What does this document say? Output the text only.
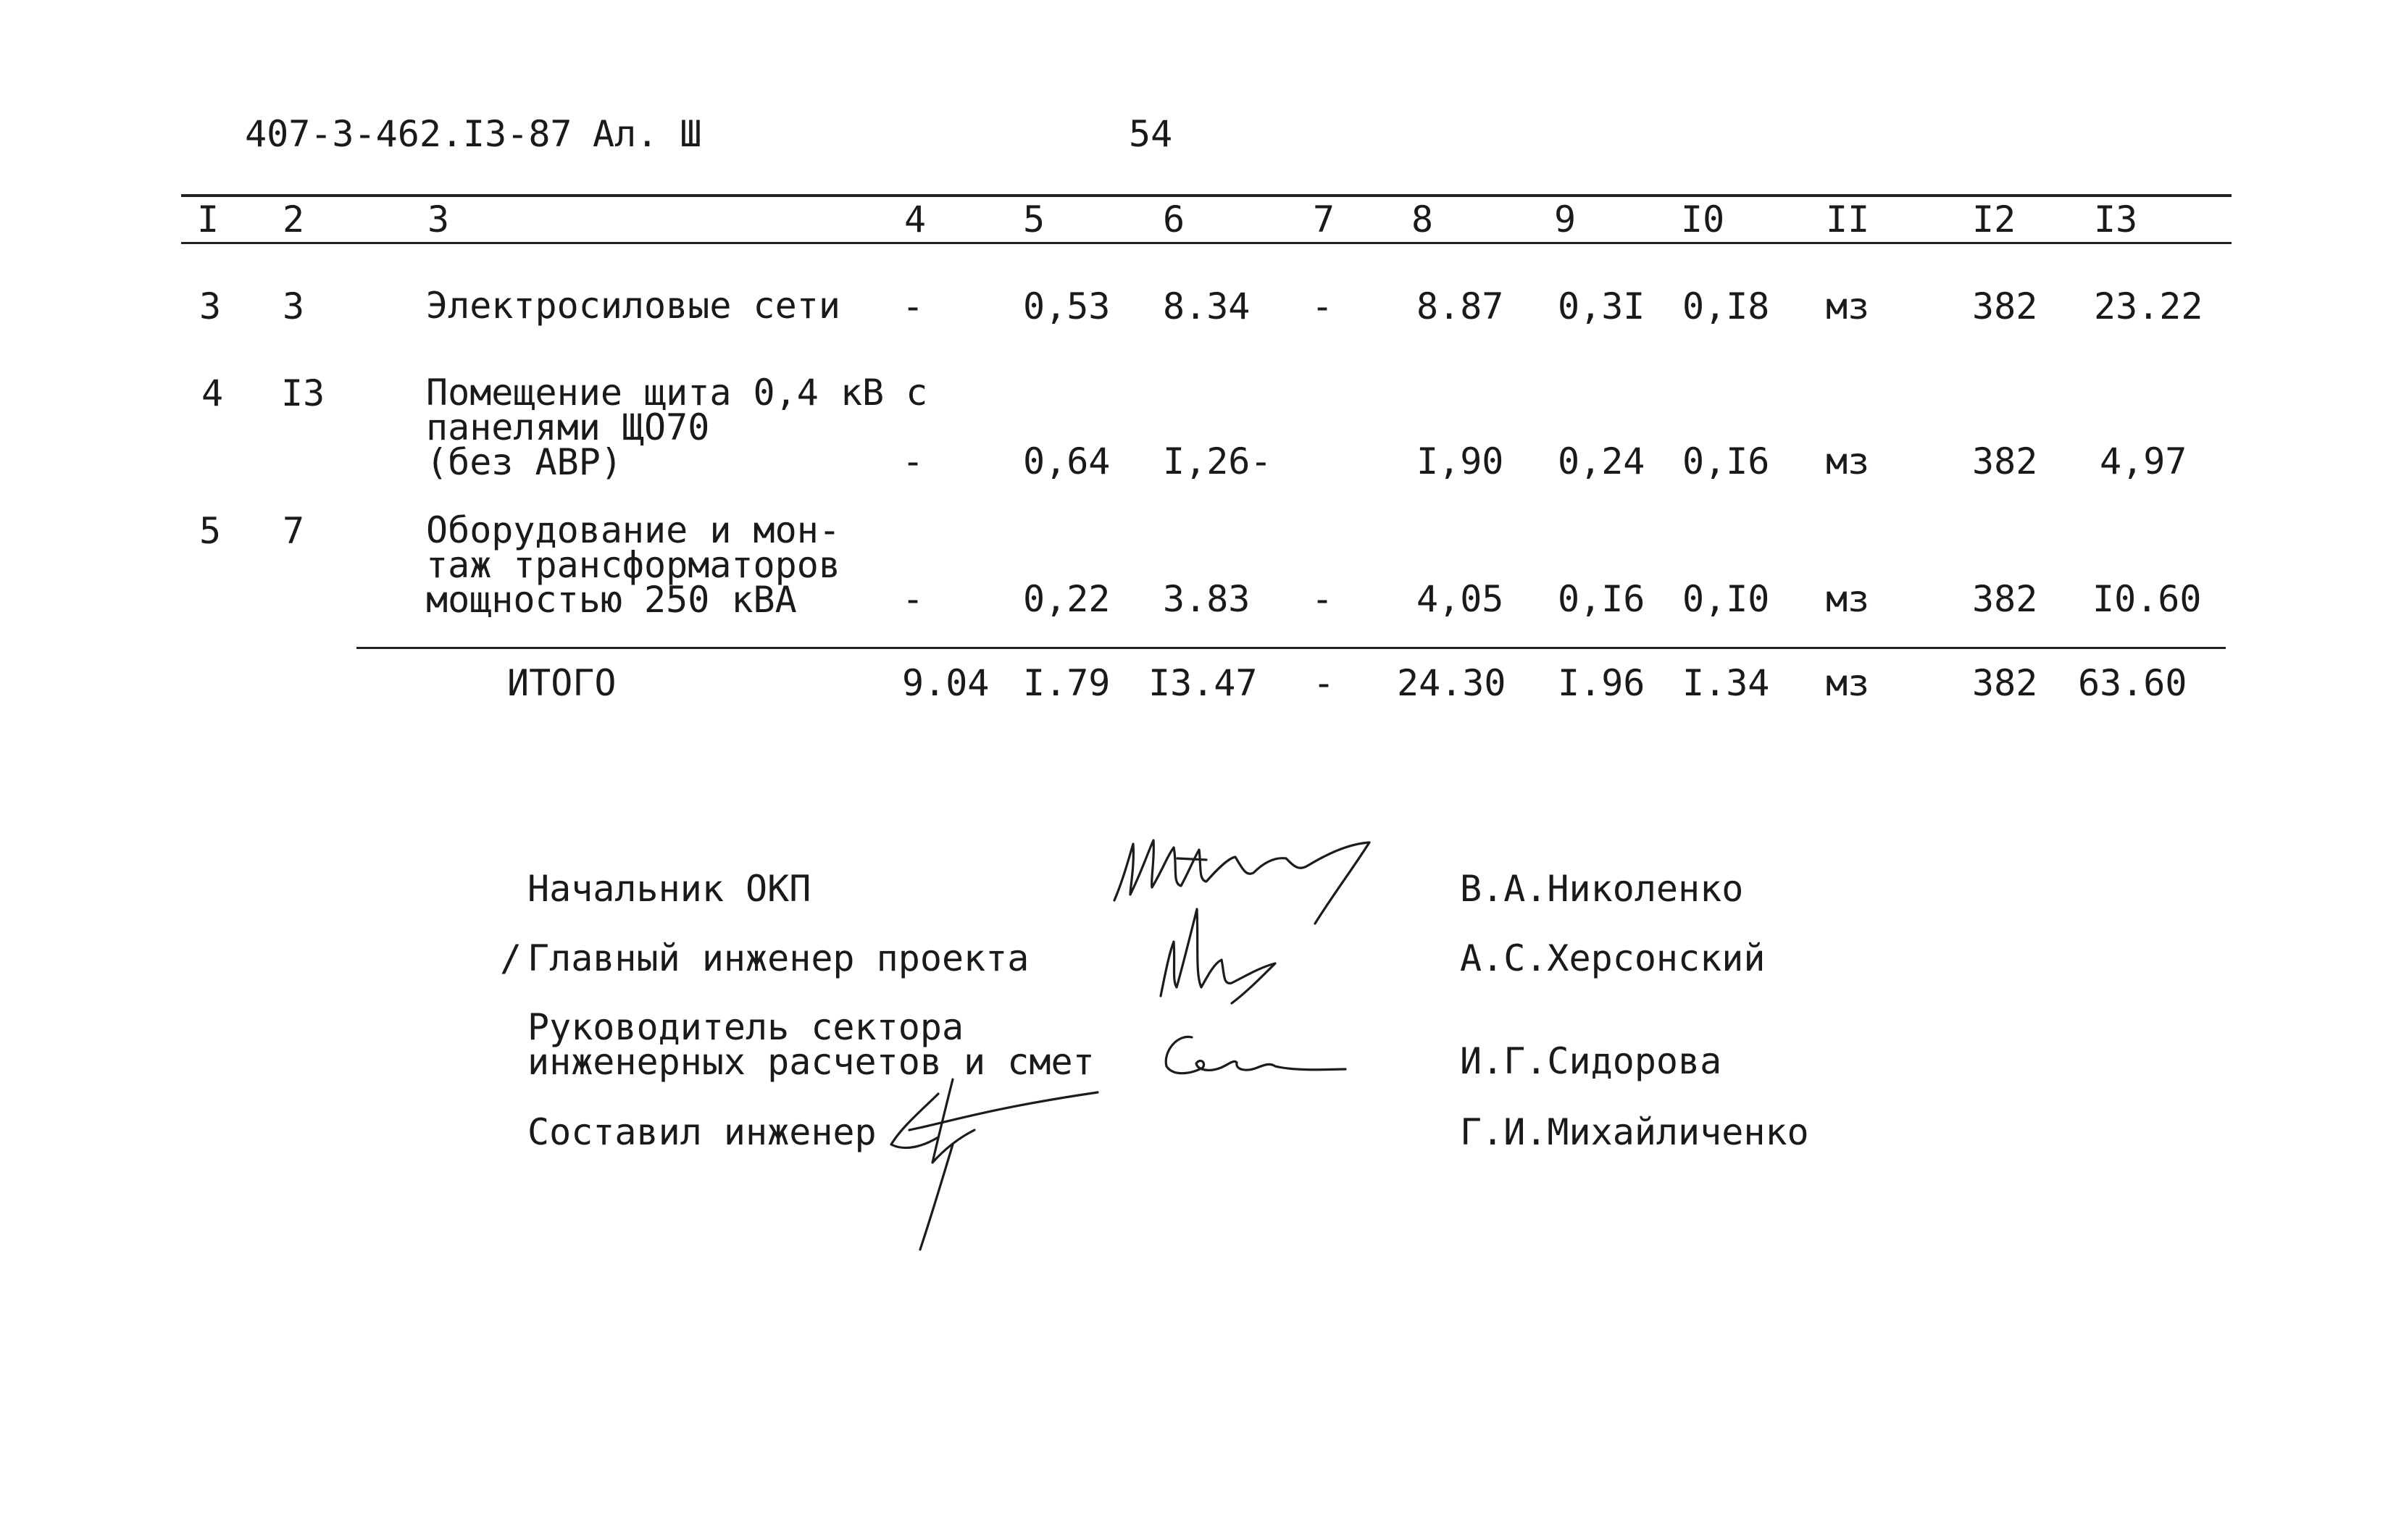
407-3-462.I3-87 Ал. Ш	54
I 2	3	4	5	6	7 8	9	I0	II	I2 I3
3 3	Электросиловые сети -	0,53 8.34 - 8.87 0,3I 0,I8 мз	382 23.22
4 I3	Помещение щита 0,4 кВ с
панелями ЩО70
(без АВР)	-	0,64 I,26-	I,90 0,24 0,I6 мз	382 4,97
5 7	Оборудование и мон-
таж трансформаторов
мощностью 250 кВА	-	0,22 3.83 - 4,05 0,I6 0,I0 мз	382 I0.60
ИТОГО	9.04 I.79 I3.47 - 24.30 I.96 I.34 мз	382 63.60
Начальник ОКП	В.А.Николенко
/ Главный инженер проекта	А.С.Херсонский
Руководитель сектора
инженерных расчетов и смет	И.Г.Сидорова
Составил инженер	Г.И.Михайличенко
